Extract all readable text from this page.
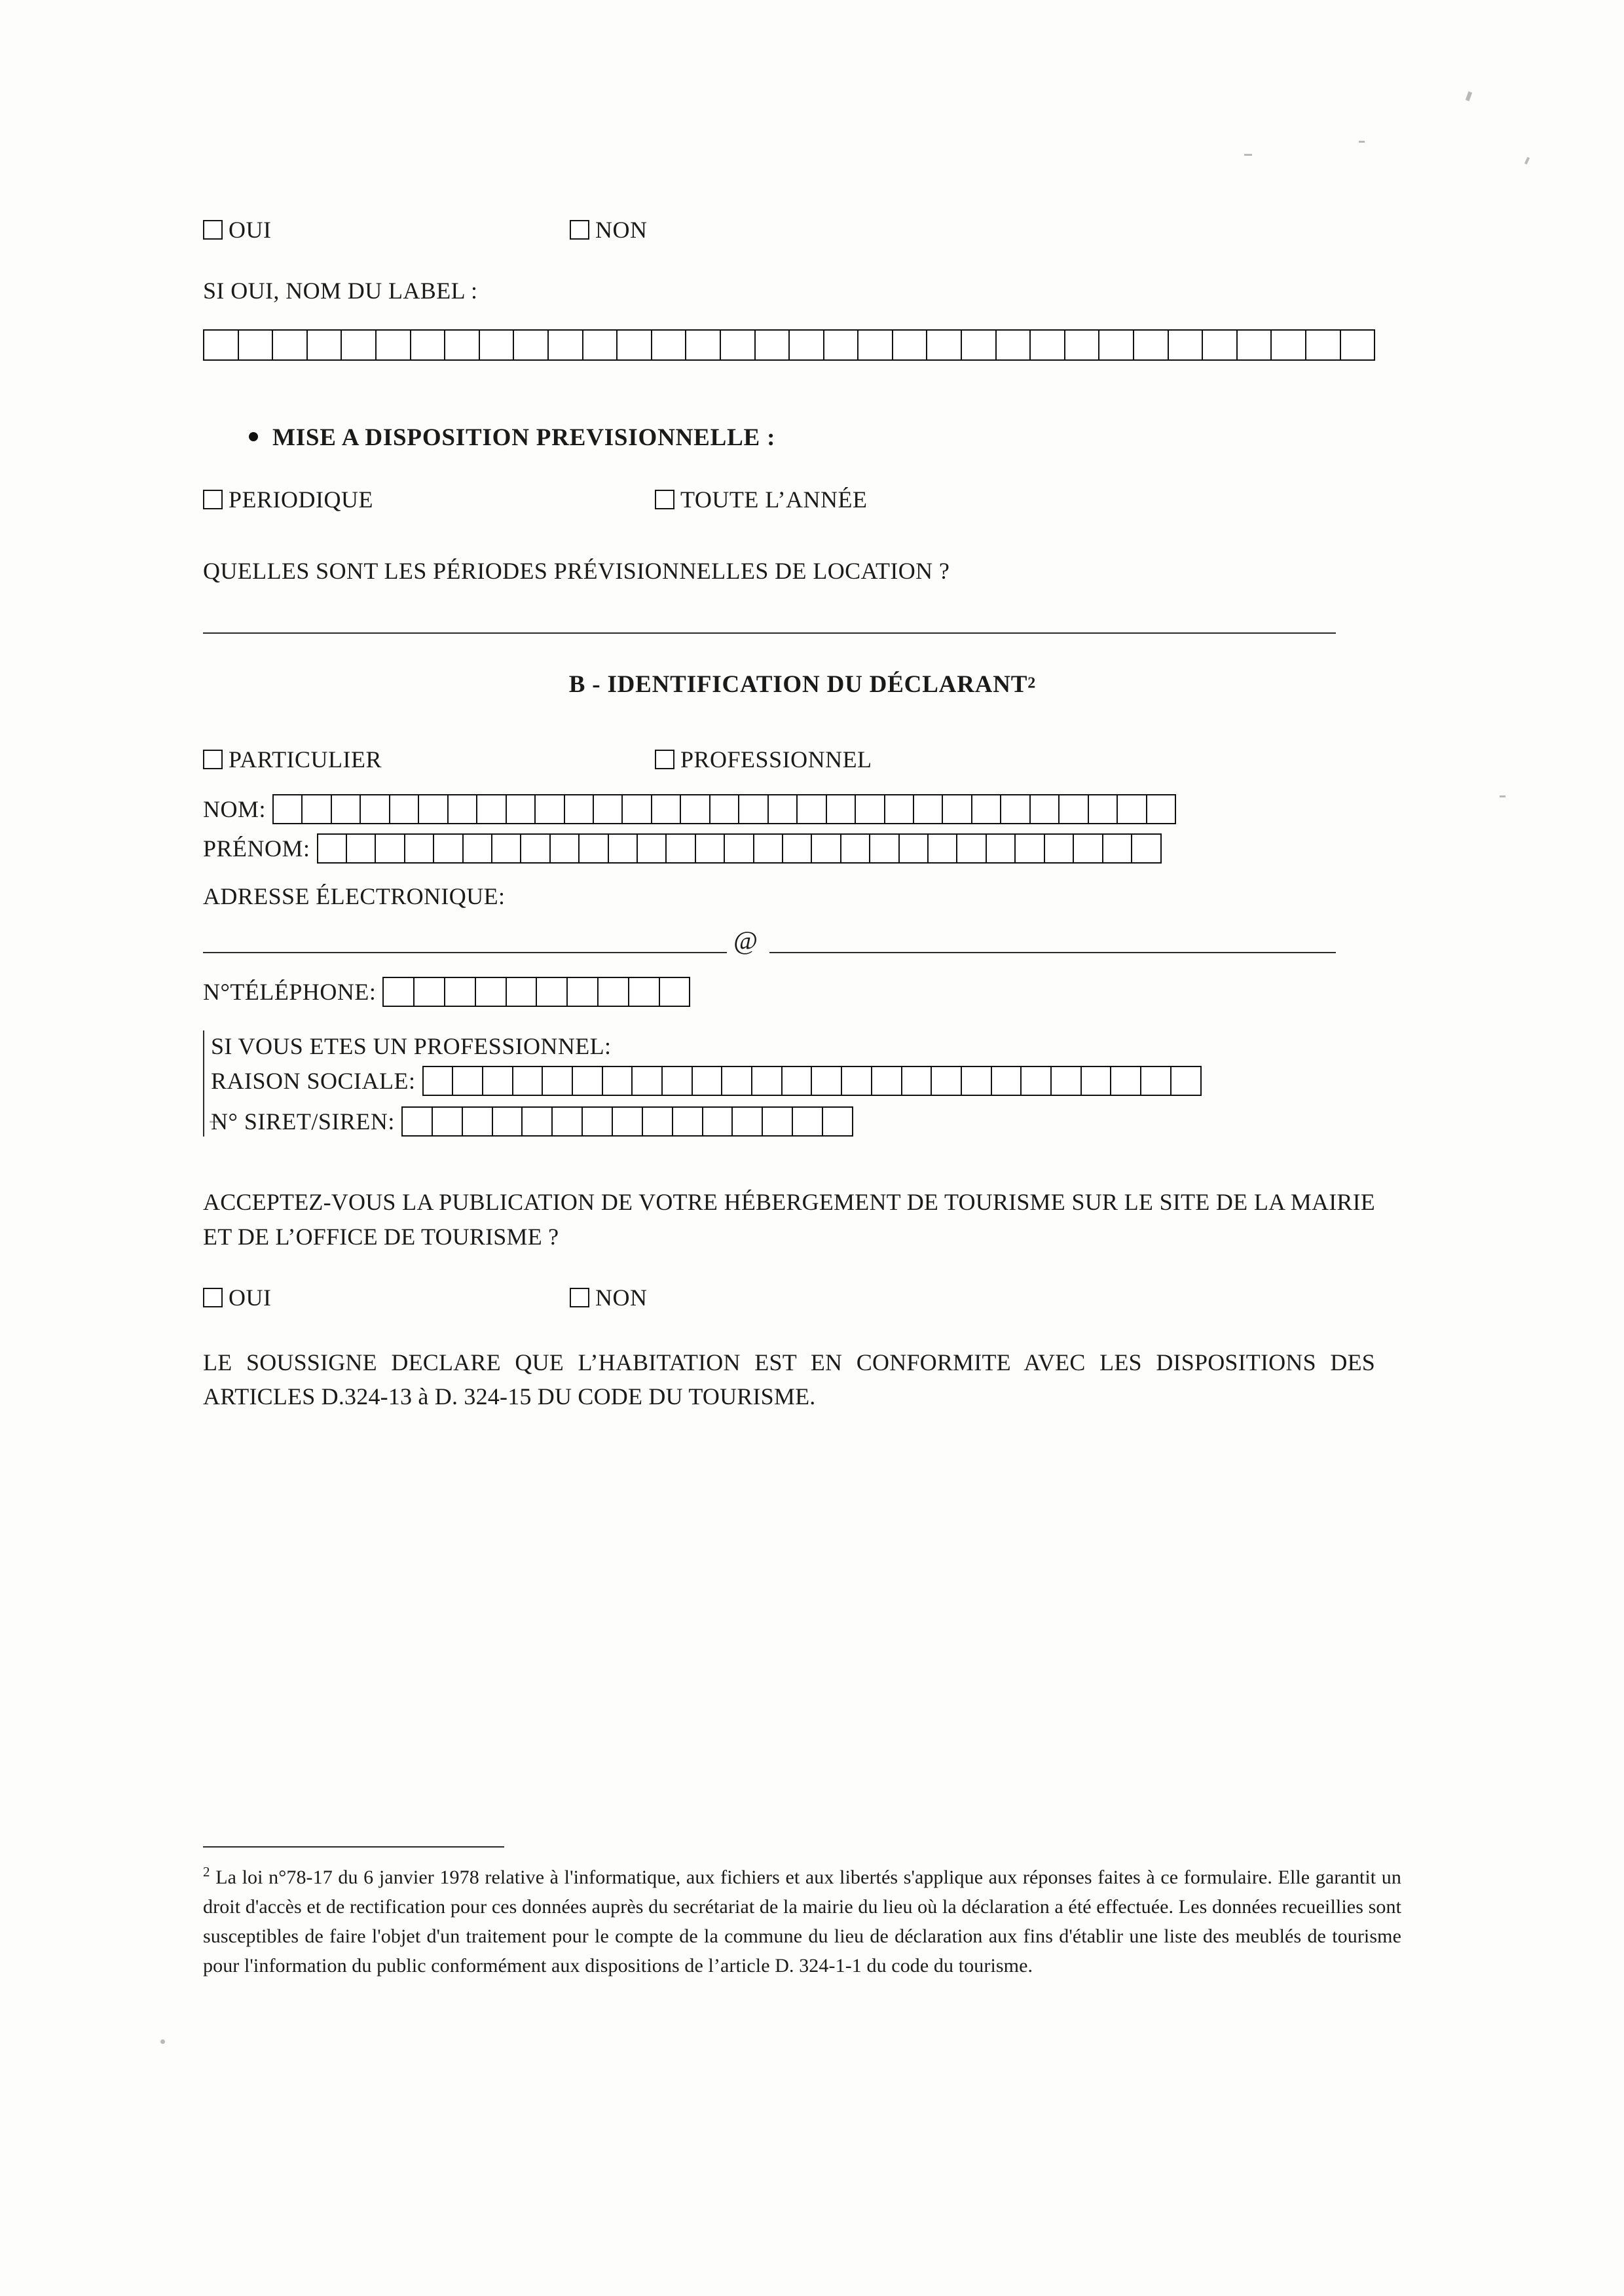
OUI	NON
SI OUI, NOM DU LABEL :
MISE A DISPOSITION PREVISIONNELLE :
PERIODIQUE	TOUTE L’ANNÉE
QUELLES SONT LES PÉRIODES PRÉVISIONNELLES DE LOCATION ?
B - IDENTIFICATION DU DÉCLARANT2
PARTICULIER	PROFESSIONNEL
NOM:
PRÉNOM:
ADRESSE ÉLECTRONIQUE:
@
N°TÉLÉPHONE:
SI VOUS ETES UN PROFESSIONNEL:
RAISON SOCIALE:
N° SIRET/SIREN:
ACCEPTEZ-VOUS LA PUBLICATION DE VOTRE HÉBERGEMENT DE TOURISME SUR LE SITE DE LA MAIRIE ET DE L’OFFICE DE TOURISME ?
OUI	NON
LE SOUSSIGNE DECLARE QUE L’HABITATION EST EN CONFORMITE AVEC LES DISPOSITIONS DES ARTICLES D.324-13 à D. 324-15 DU CODE DU TOURISME.
$^2$ La loi n°78-17 du 6 janvier 1978 relative à l'informatique, aux fichiers et aux libertés s'applique aux réponses faites à ce formulaire. Elle garantit un droit d'accès et de rectification pour ces données auprès du secrétariat de la mairie du lieu où la déclaration a été effectuée. Les données recueillies sont susceptibles de faire l'objet d'un traitement pour le compte de la commune du lieu de déclaration aux fins d'établir une liste des meublés de tourisme pour l'information du public conformément aux dispositions de l’article D. 324-1-1 du code du tourisme.
